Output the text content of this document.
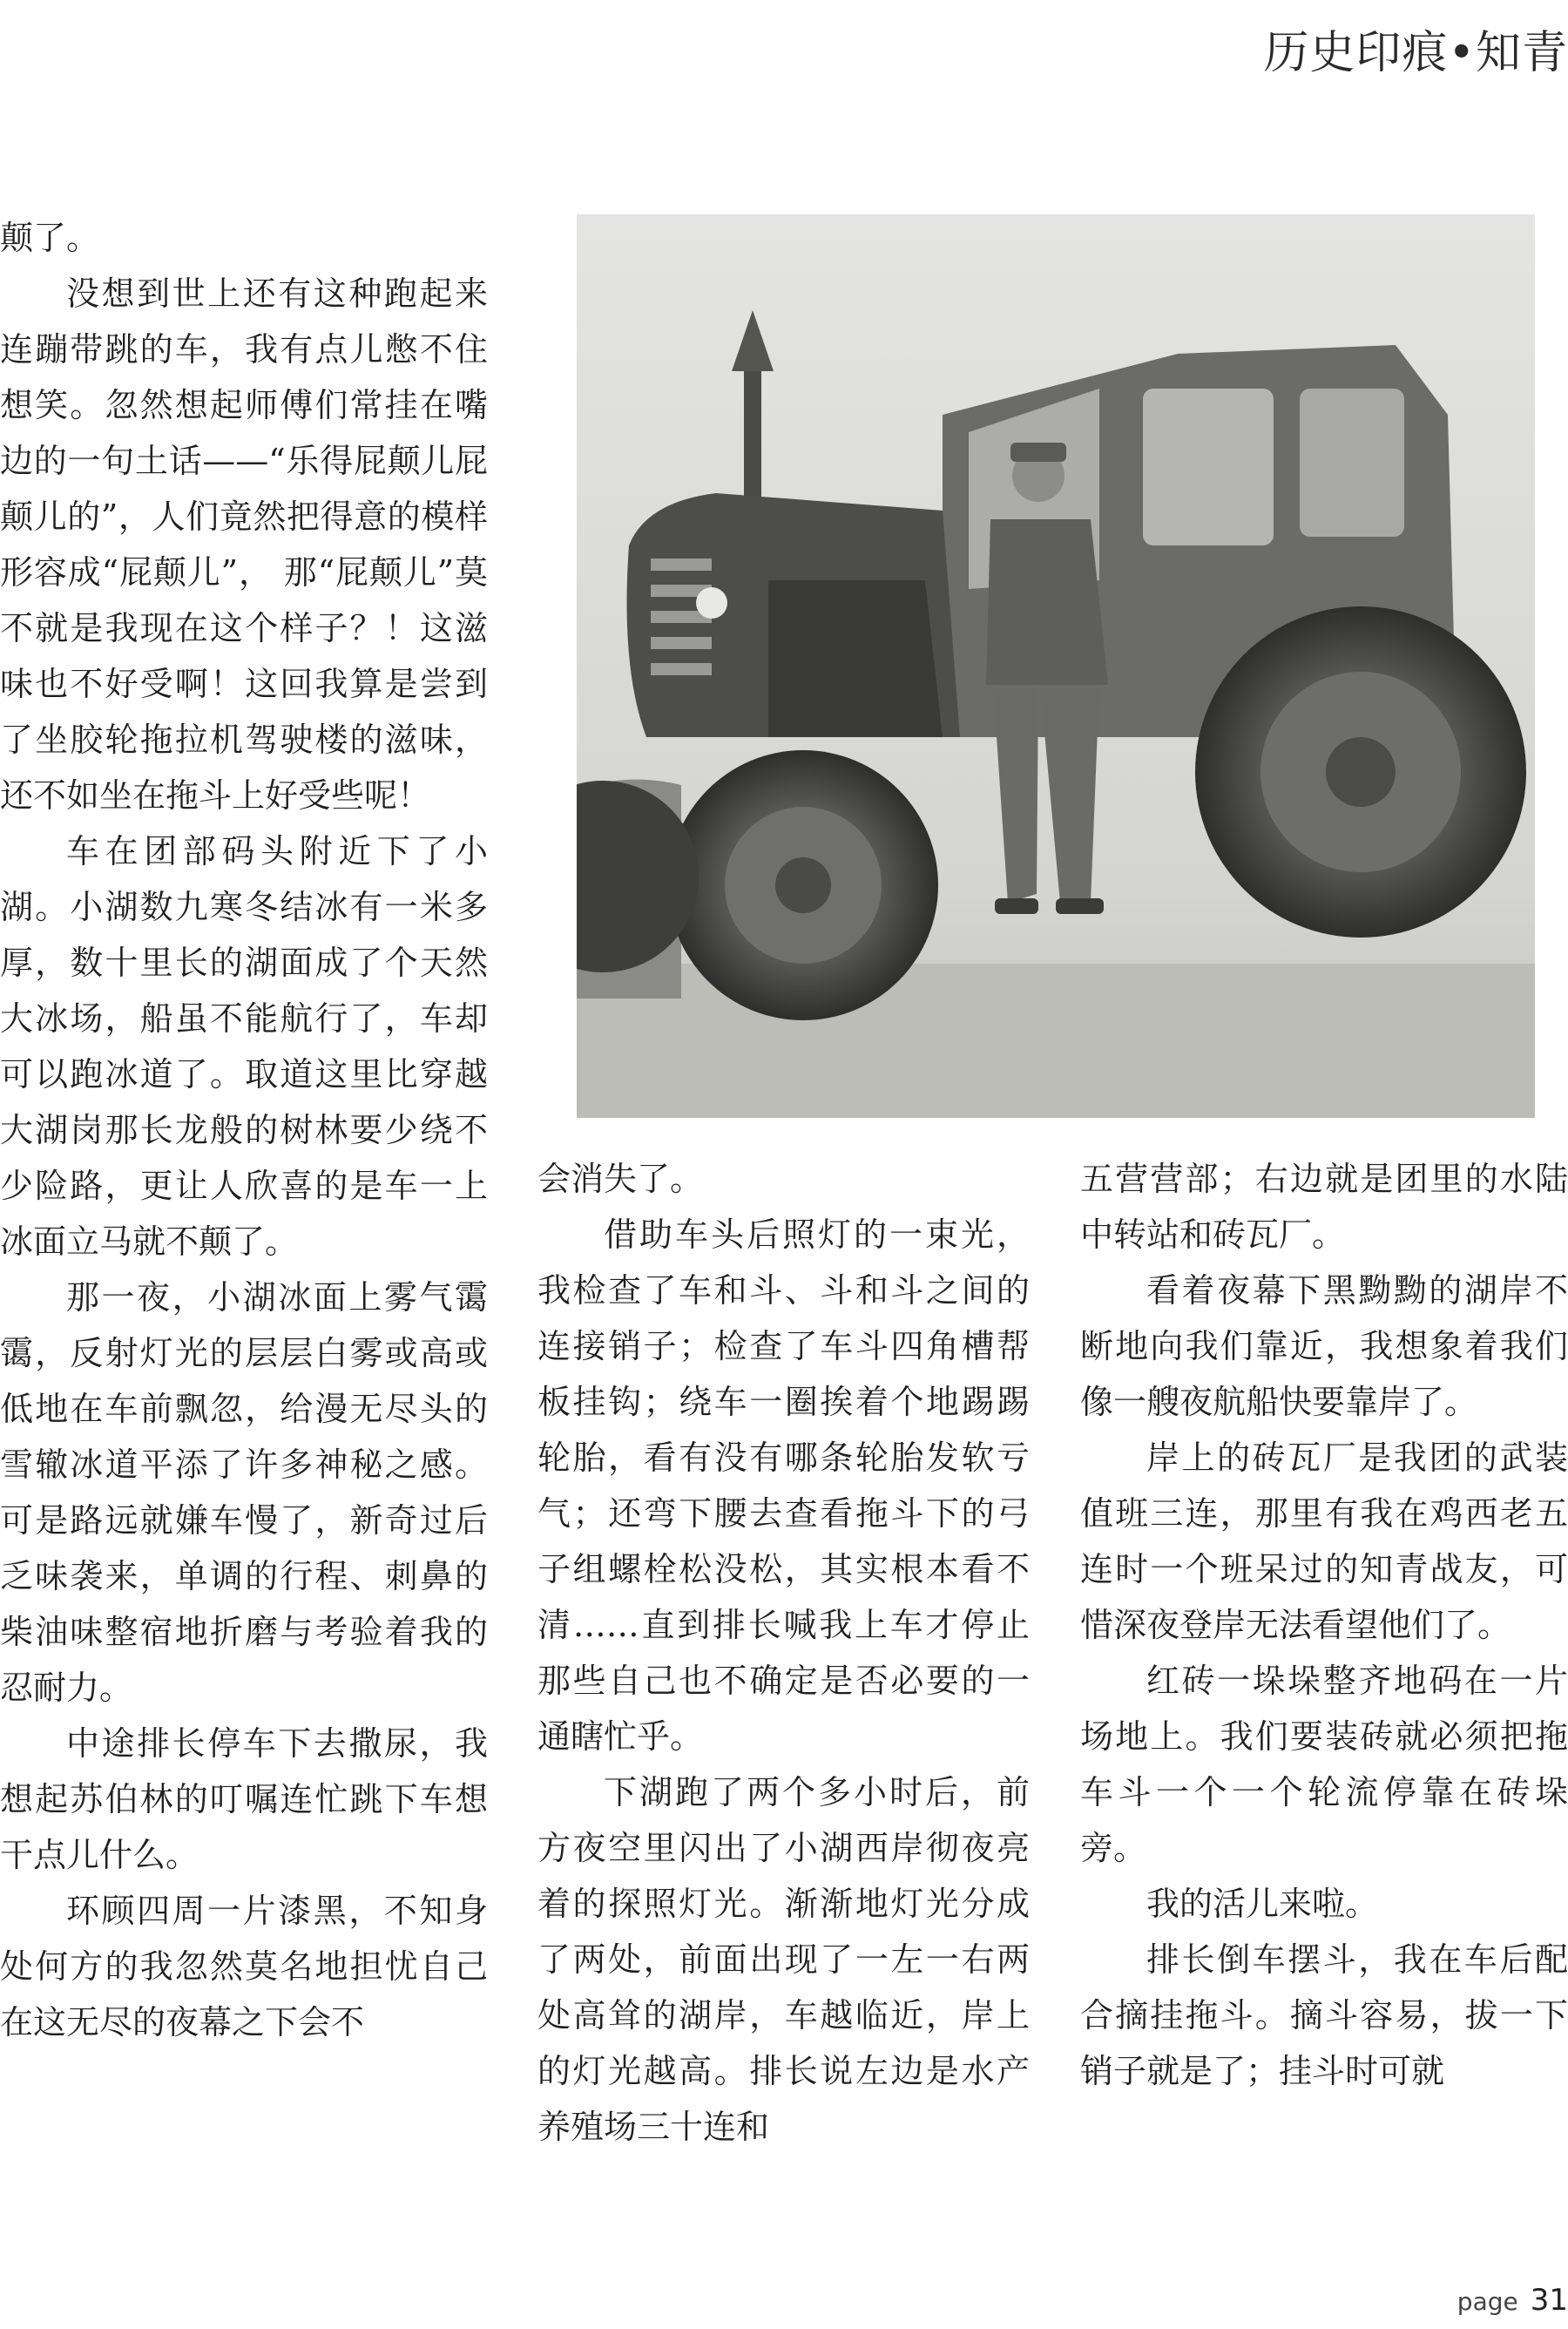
历史印痕•知青

颠了。

没想到世上还有这种跑起来连蹦带跳的车，我有点儿憋不住想笑。忽然想起师傅们常挂在嘴边的一句土话——“乐得屁颠儿屁颠儿的”，人们竟然把得意的模样形容成“屁颠儿”， 那“屁颠儿”莫不就是我现在这个样子？！这滋味也不好受啊！这回我算是尝到了坐胶轮拖拉机驾驶楼的滋味，还不如坐在拖斗上好受些呢！

车在团部码头附近下了小湖。小湖数九寒冬结冰有一米多厚，数十里长的湖面成了个天然大冰场，船虽不能航行了，车却可以跑冰道了。取道这里比穿越大湖岗那长龙般的树林要少绕不少险路，更让人欣喜的是车一上冰面立马就不颠了。

那一夜，小湖冰面上雾气霭霭，反射灯光的层层白雾或高或低地在车前飘忽，给漫无尽头的雪辙冰道平添了许多神秘之感。可是路远就嫌车慢了，新奇过后乏味袭来，单调的行程、刺鼻的柴油味整宿地折磨与考验着我的忍耐力。

中途排长停车下去撒尿，我想起苏伯林的叮嘱连忙跳下车想干点儿什么。

环顾四周一片漆黑，不知身处何方的我忽然莫名地担忧自己在这无尽的夜幕之下会不

会消失了。

借助车头后照灯的一束光，我检查了车和斗、斗和斗之间的连接销子；检查了车斗四角槽帮板挂钩；绕车一圈挨着个地踢踢轮胎，看有没有哪条轮胎发软亏气；还弯下腰去查看拖斗下的弓子组螺栓松没松，其实根本看不清……直到排长喊我上车才停止那些自己也不确定是否必要的一通瞎忙乎。

下湖跑了两个多小时后，前方夜空里闪出了小湖西岸彻夜亮着的探照灯光。渐渐地灯光分成了两处，前面出现了一左一右两处高耸的湖岸，车越临近，岸上的灯光越高。排长说左边是水产养殖场三十连和

五营营部；右边就是团里的水陆中转站和砖瓦厂。

看着夜幕下黑黝黝的湖岸不断地向我们靠近，我想象着我们像一艘夜航船快要靠岸了。

岸上的砖瓦厂是我团的武装值班三连，那里有我在鸡西老五连时一个班呆过的知青战友，可惜深夜登岸无法看望他们了。

红砖一垛垛整齐地码在一片场地上。我们要装砖就必须把拖车斗一个一个轮流停靠在砖垛旁。

我的活儿来啦。

排长倒车摆斗，我在车后配合摘挂拖斗。摘斗容易，拔一下销子就是了；挂斗时可就

page 31
